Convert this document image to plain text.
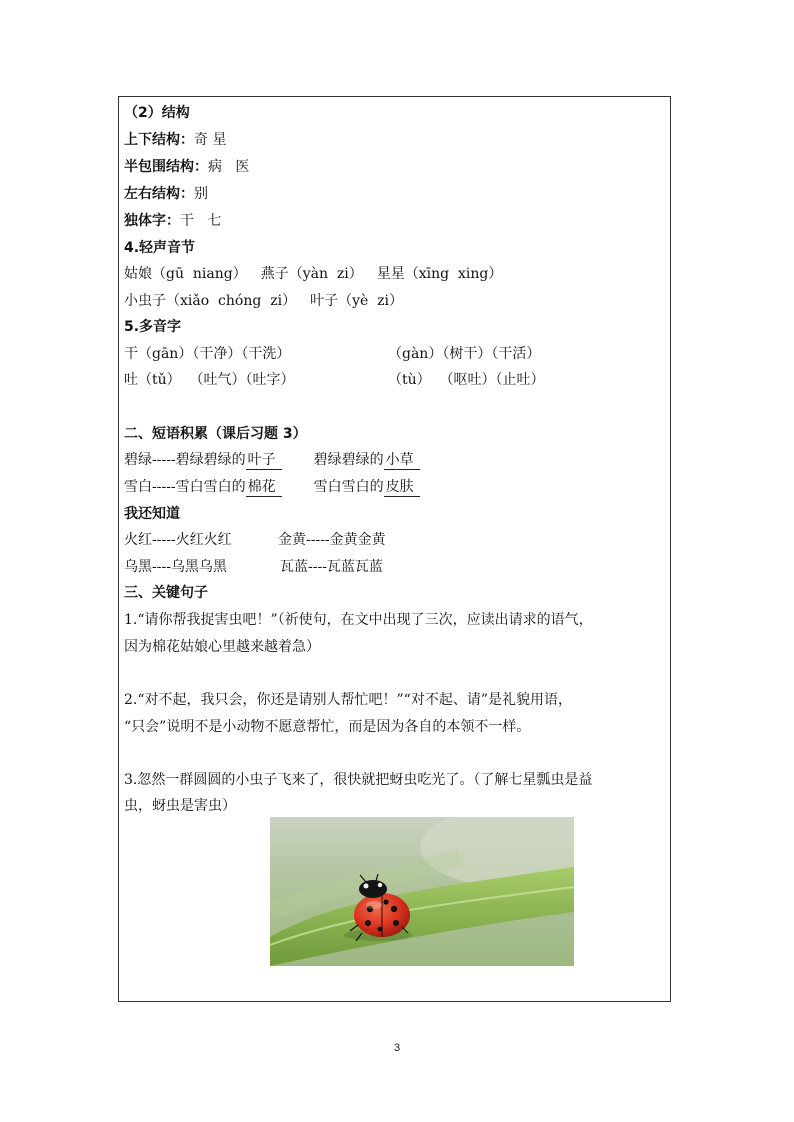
（2）结构
上下结构：奇 星
半包围结构：病   医
左右结构：别
独体字：干   七
4.轻声音节
姑娘（gū  niang） 燕子（yàn  zi） 星星（xīng  xing）
小虫子（xiǎo  chóng  zi） 叶子（yè  zi）
5.多音字
干（gān）（干净）（干洗）	（gàn）（树干）（干活）
吐（tǔ）  （吐气）（吐字）	（tù）  （呕吐）（止吐）
二、短语积累（课后习题 3）
碧绿-----碧绿碧绿的 叶子	碧绿碧绿的 小草
雪白-----雪白雪白的 棉花	雪白雪白的 皮肤
我还知道
火红-----火红火红	金黄-----金黄金黄
乌黑----乌黑乌黑	瓦蓝----瓦蓝瓦蓝
三、关键句子
1.“请你帮我捉害虫吧！”（祈使句，在文中出现了三次，应读出请求的语气，
因为棉花姑娘心里越来越着急）
2.“对不起，我只会，你还是请别人帮忙吧！”“对不起、请”是礼貌用语，
“只会”说明不是小动物不愿意帮忙，而是因为各自的本领不一样。
3.忽然一群圆圆的小虫子飞来了，很快就把蚜虫吃光了。（了解七星瓢虫是益
虫，蚜虫是害虫）
3
